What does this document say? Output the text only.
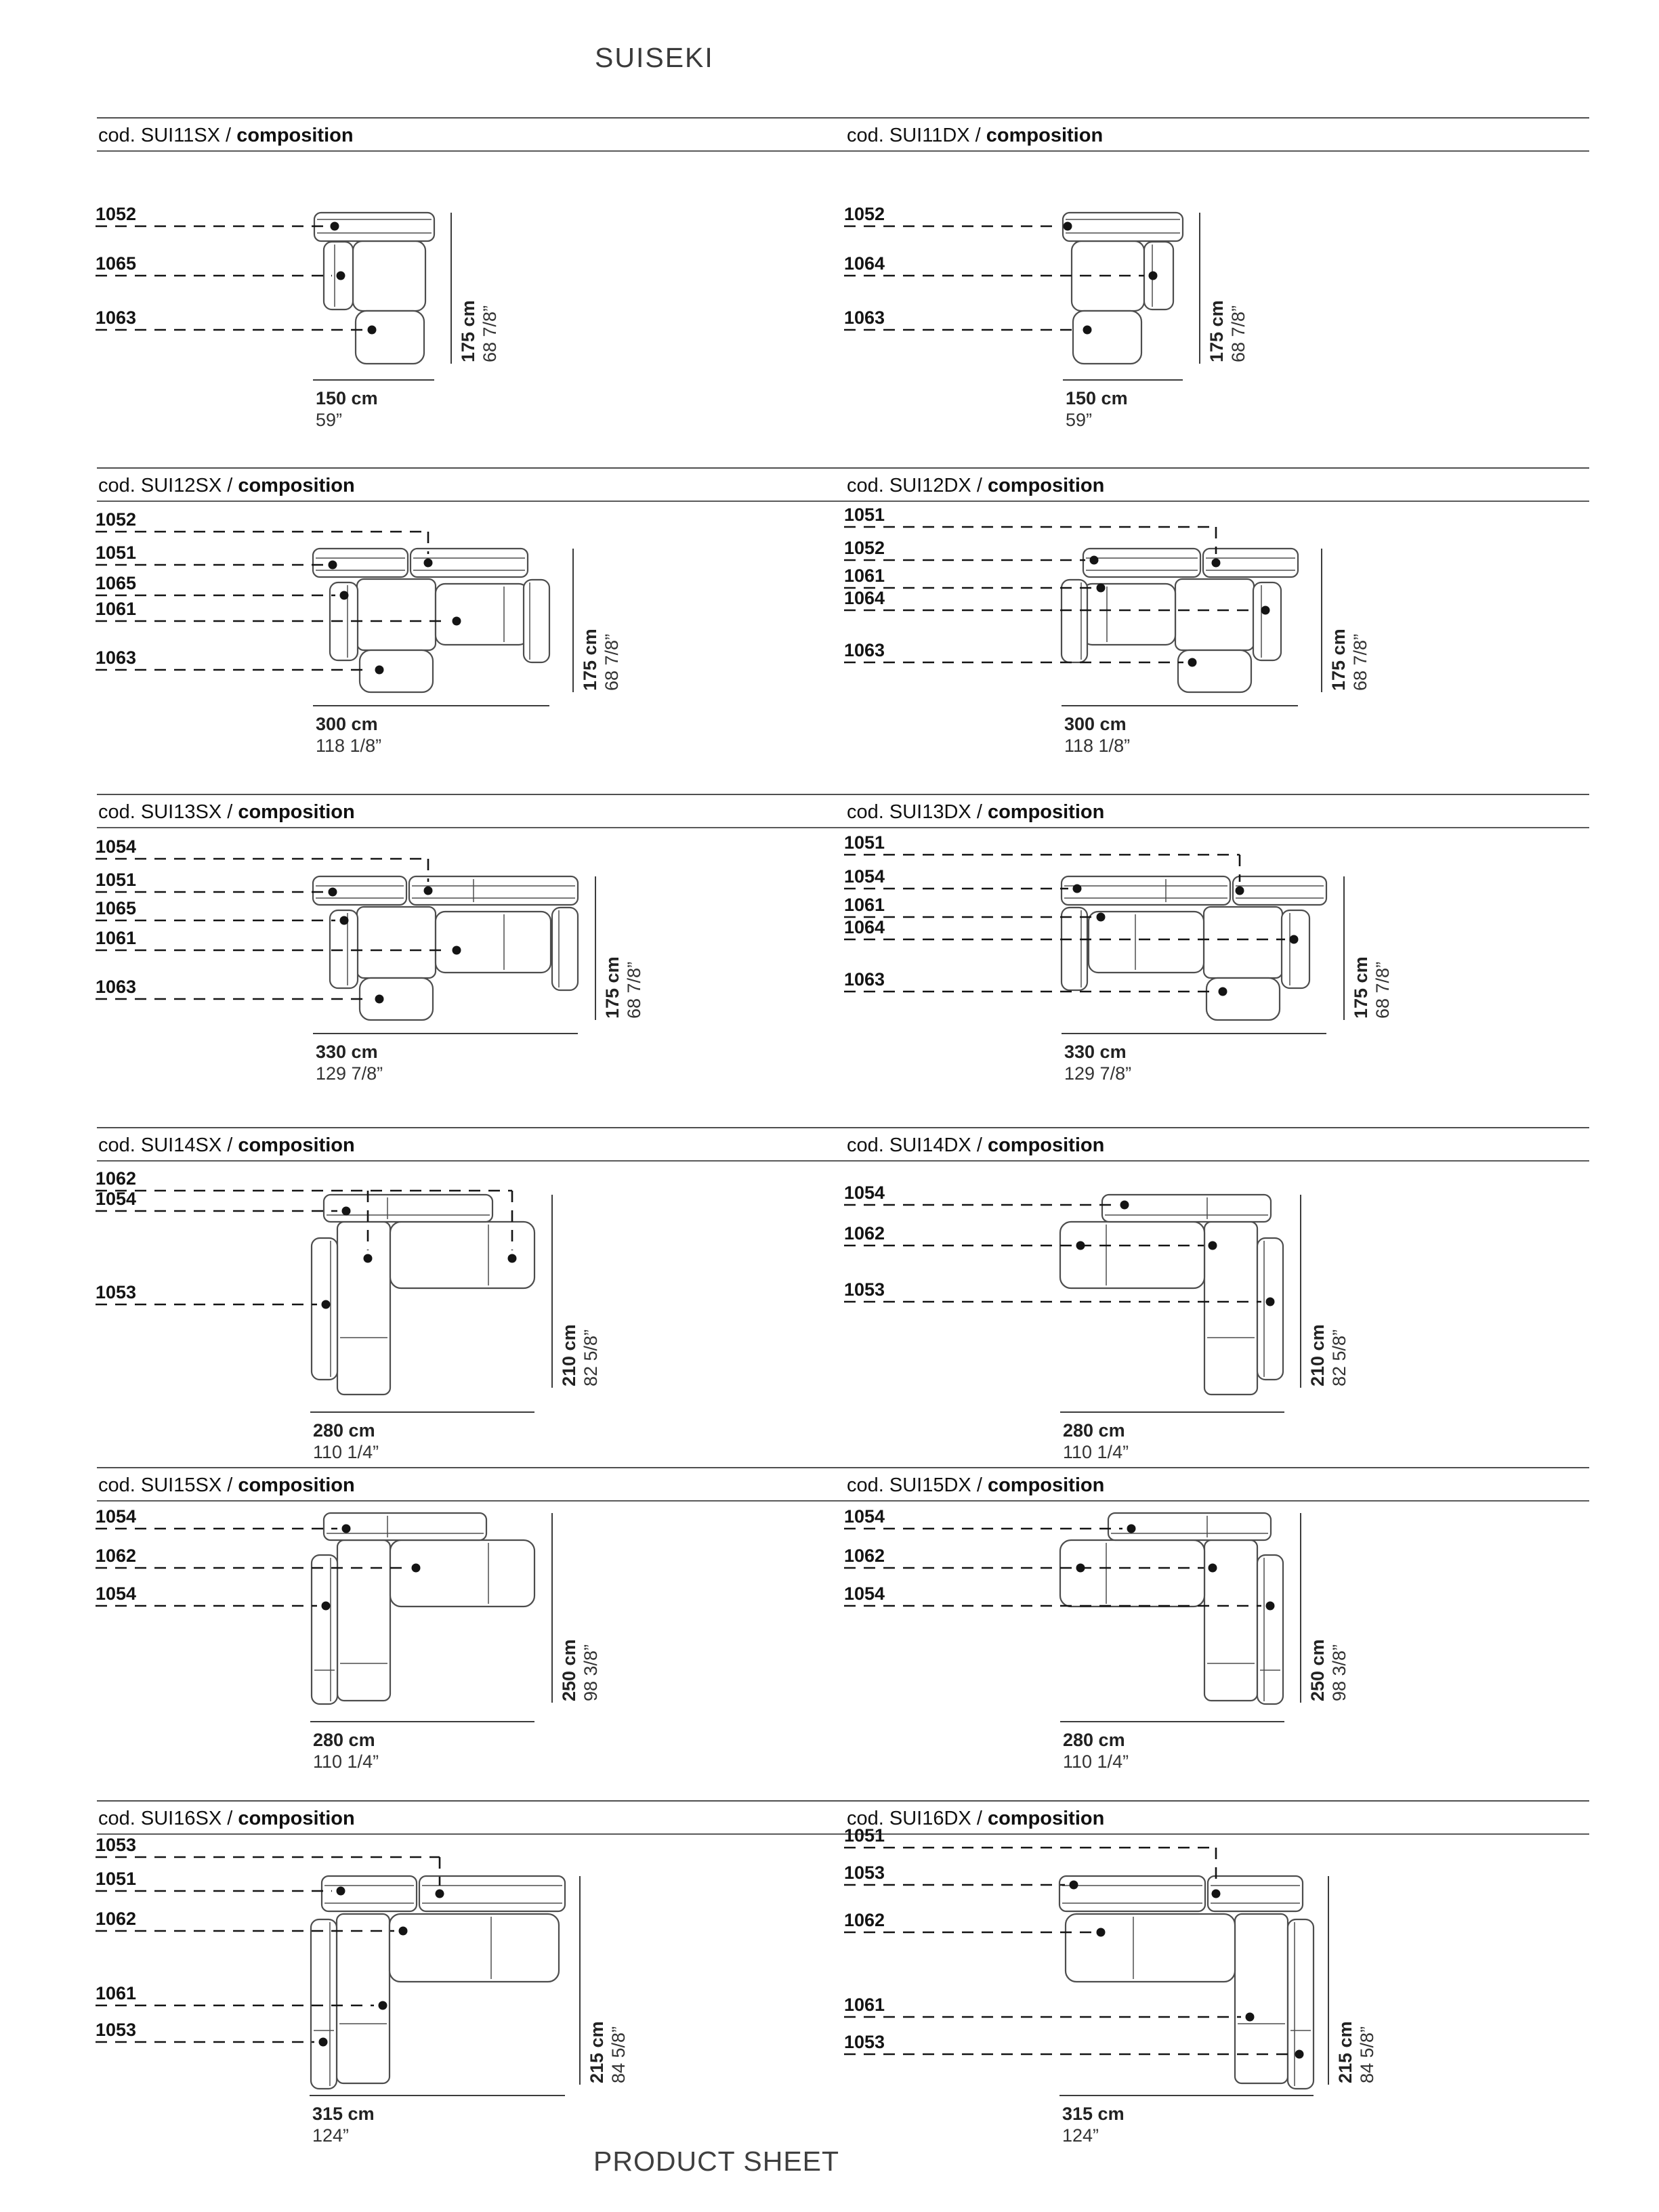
SUISEKI
cod. SUI11SX / composition	cod. SUI11DX / composition
1052
1065
1063	175 cm 68 7/8”
150 cm
59”
1052
1064
1063	175 cm 68 7/8”
150 cm
59”
cod. SUI12SX / composition	cod. SUI12DX / composition
1052
1051
1065
1061
1063	175 cm 68 7/8”
300 cm
118 1/8”
1051
1052
1061
1064
1063	175 cm 68 7/8”
300 cm
118 1/8”
cod. SUI13SX / composition	cod. SUI13DX / composition
1054
1051
1065
1061
1063	175 cm 68 7/8”
330 cm
129 7/8”
1051
1054
1061
1064
1063	175 cm 68 7/8”
330 cm
129 7/8”
cod. SUI14SX / composition	cod. SUI14DX / composition
1062
1054
1053
210 cm 82 5/8”
280 cm
110 1/4”
1054
1062
1053
210 cm 82 5/8”
280 cm
110 1/4”
cod. SUI15SX / composition	cod. SUI15DX / composition
1054
1062
1054
250 cm 98 3/8”
280 cm
110 1/4”
1054
1062
1054
250 cm 98 3/8”
280 cm
110 1/4”
cod. SUI16SX / composition	cod. SUI16DX / composition
1053
1051
1062
1061
1053	215 cm 84 5/8”
315 cm
124”
1051
1053
1062
1061
1053	215 cm 84 5/8”
315 cm
124”
PRODUCT SHEET
